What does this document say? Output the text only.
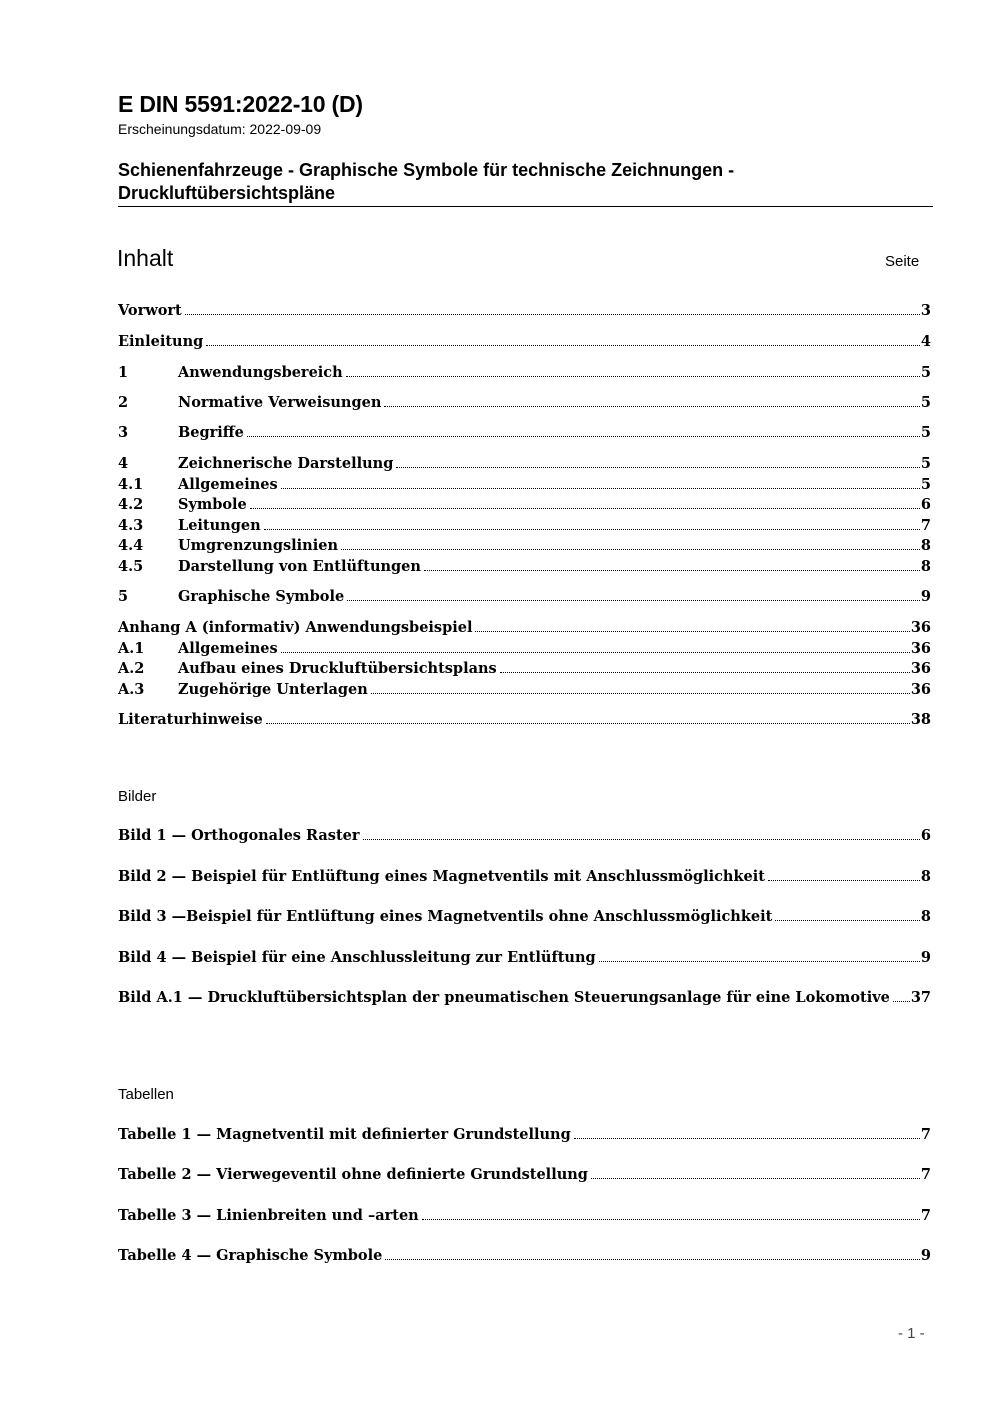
E DIN 5591:2022-10 (D)
Erscheinungsdatum: 2022-09-09
Schienenfahrzeuge - Graphische Symbole für technische Zeichnungen -
Druckluftübersichtspläne
Inhalt	Seite
Vorwort	3
Einleitung	4
1	Anwendungsbereich	5
2	Normative Verweisungen	5
3	Begriffe	5
4	Zeichnerische Darstellung	5
4.1	Allgemeines	5
4.2	Symbole	6
4.3	Leitungen	7
4.4	Umgrenzungslinien	8
4.5	Darstellung von Entlüftungen	8
5	Graphische Symbole	9
Anhang A (informativ) Anwendungsbeispiel	36
A.1	Allgemeines	36
A.2	Aufbau eines Druckluftübersichtsplans	36
A.3	Zugehörige Unterlagen	36
Literaturhinweise	38
Bilder
Bild 1 — Orthogonales Raster	6
Bild 2 — Beispiel für Entlüftung eines Magnetventils mit Anschlussmöglichkeit	8
Bild 3 —Beispiel für Entlüftung eines Magnetventils ohne Anschlussmöglichkeit	8
Bild 4 — Beispiel für eine Anschlussleitung zur Entlüftung	9
Bild A.1 — Druckluftübersichtsplan der pneumatischen Steuerungsanlage für eine Lokomotive 37
Tabellen
Tabelle 1 — Magnetventil mit definierter Grundstellung	7
Tabelle 2 — Vierwegeventil ohne definierte Grundstellung	7
Tabelle 3 — Linienbreiten und –arten	7
Tabelle 4 — Graphische Symbole	9
- 1 -
